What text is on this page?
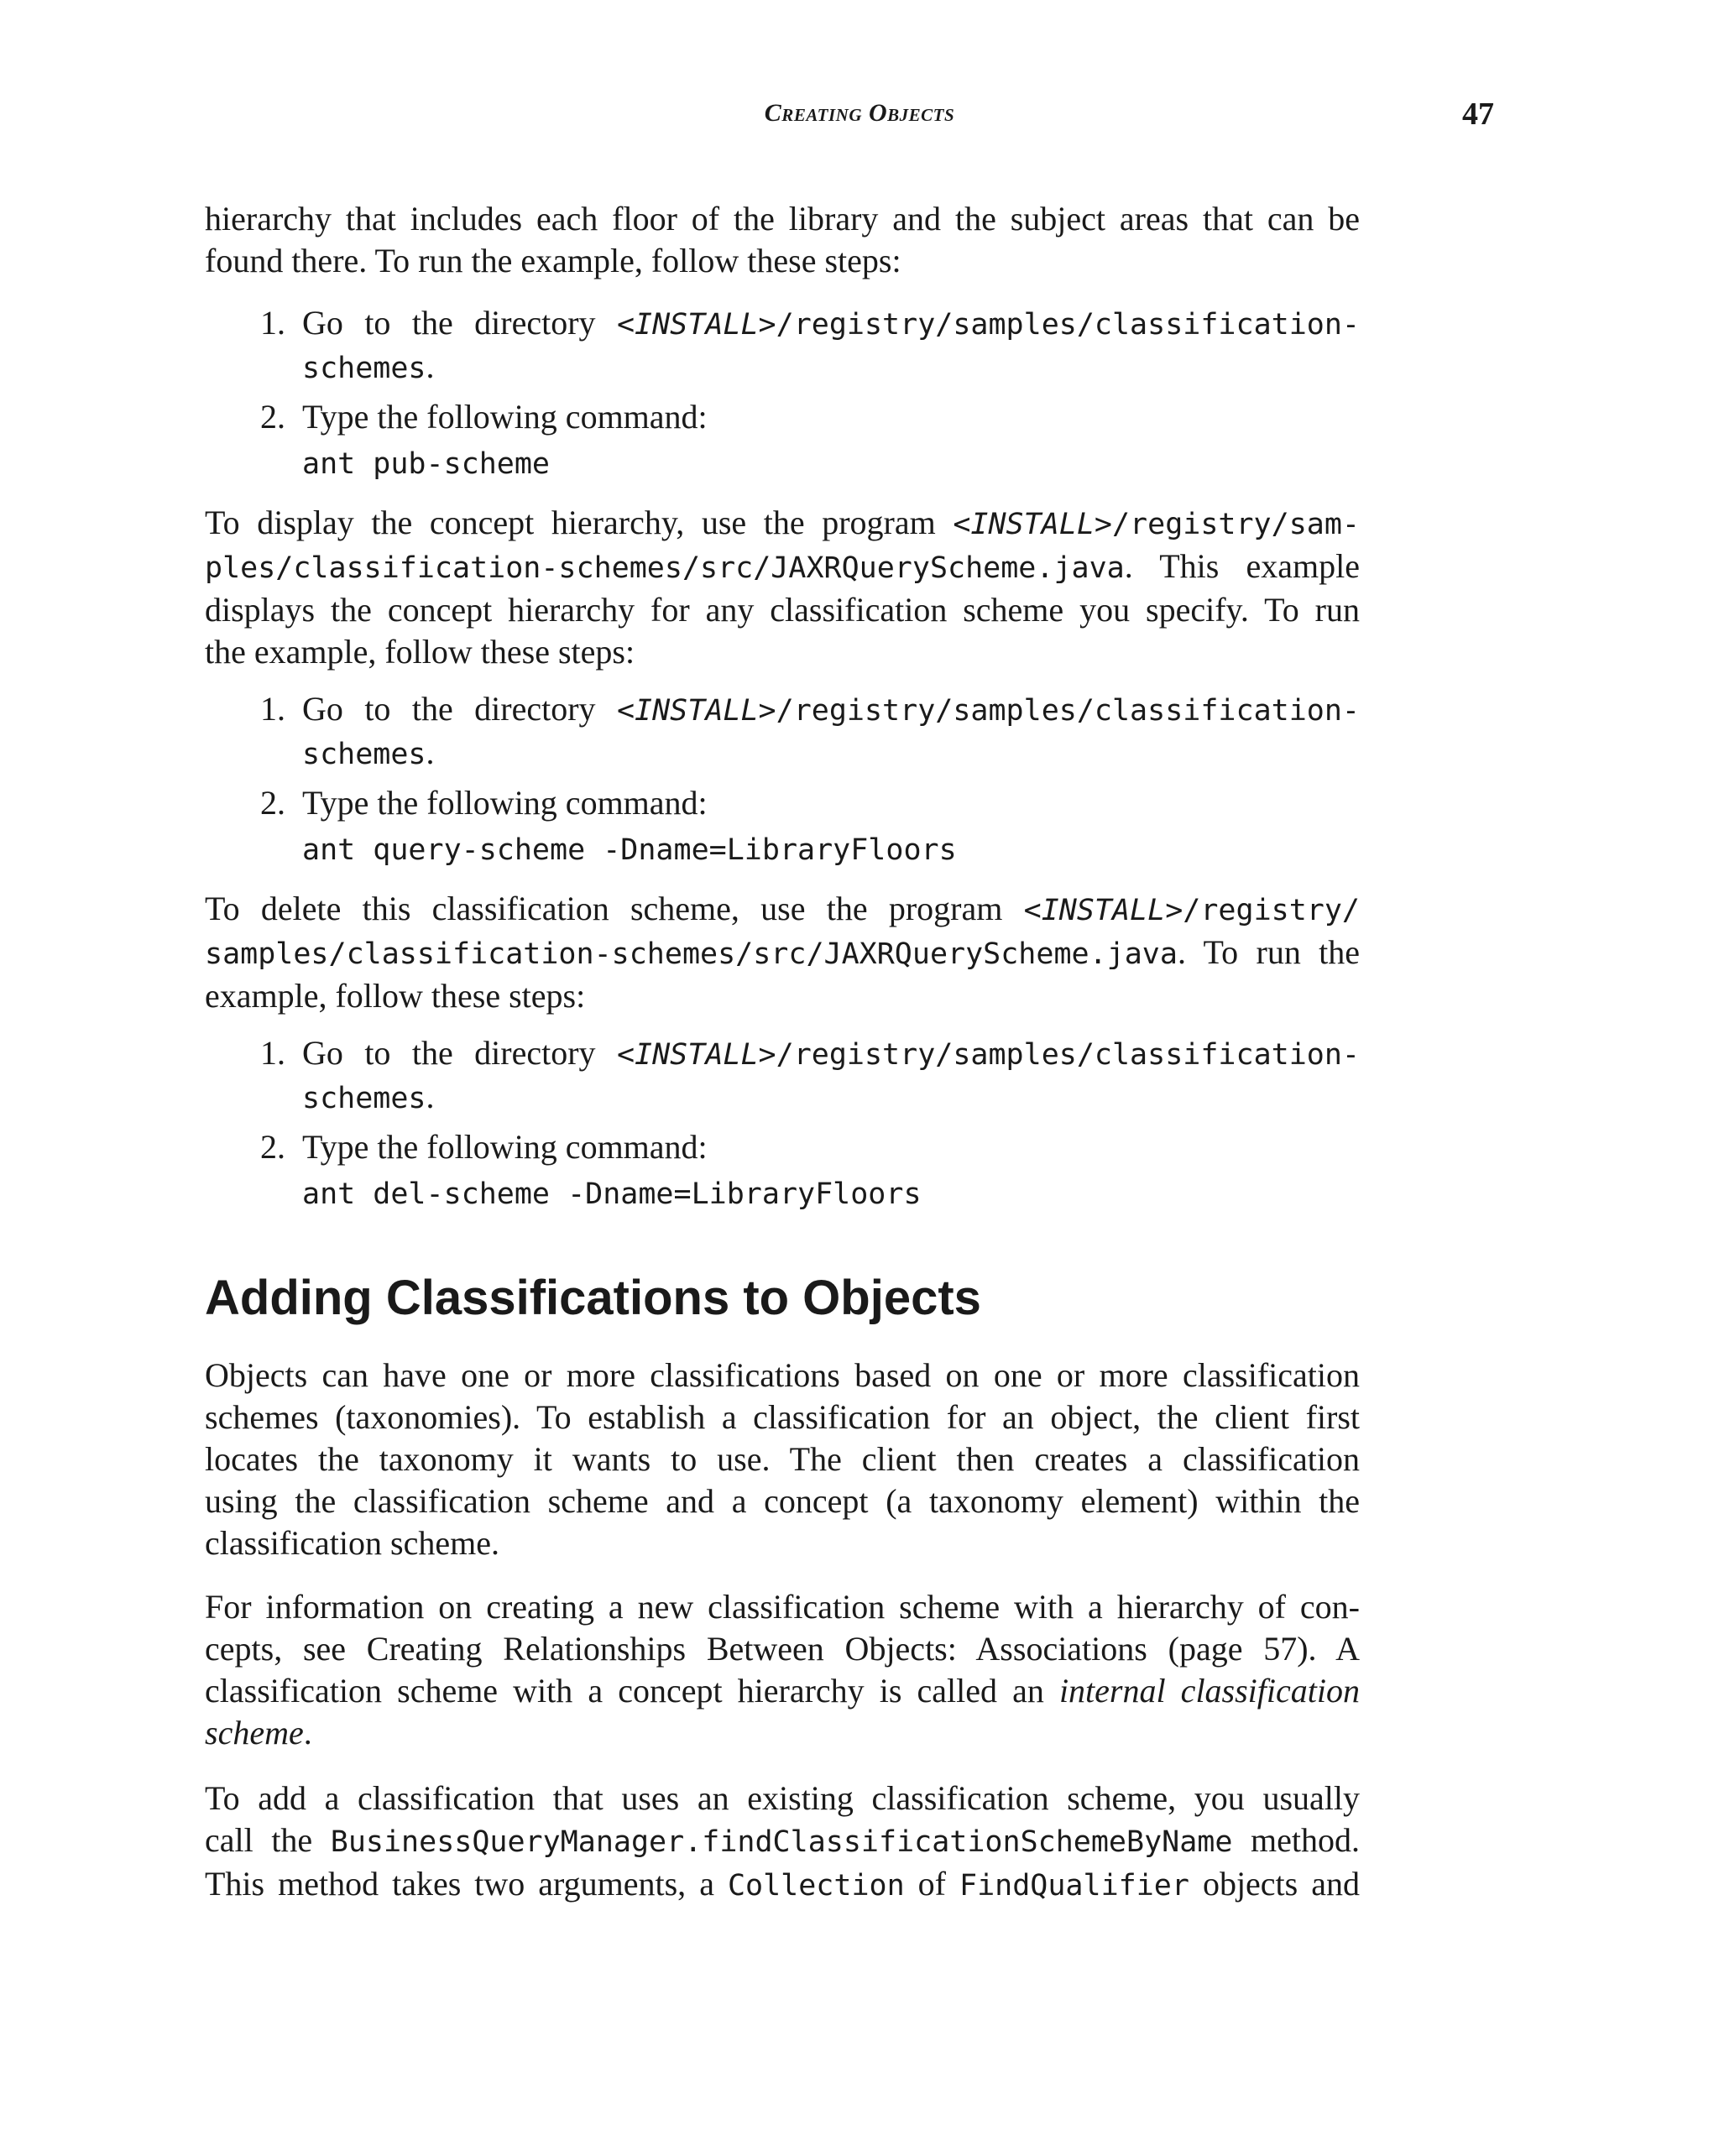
Creating Objects	47

hierarchy that includes each floor of the library and the subject areas that can be

found there. To run the example, follow these steps:

1. Go to the directory <INSTALL>/registry/samples/classification-

schemes.

2. Type the following command:

ant pub-scheme

To display the concept hierarchy, use the program <INSTALL>/registry/sam-

ples/classification-schemes/src/JAXRQueryScheme.java. This example

displays the concept hierarchy for any classification scheme you specify. To run

the example, follow these steps:

1. Go to the directory <INSTALL>/registry/samples/classification-

schemes.

2. Type the following command:

ant query-scheme -Dname=LibraryFloors

To delete this classification scheme, use the program <INSTALL>/registry/

samples/classification-schemes/src/JAXRQueryScheme.java. To run the

example, follow these steps:

1. Go to the directory <INSTALL>/registry/samples/classification-

schemes.

2. Type the following command:

ant del-scheme -Dname=LibraryFloors

Adding Classifications to Objects

Objects can have one or more classifications based on one or more classification

schemes (taxonomies). To establish a classification for an object, the client first

locates the taxonomy it wants to use. The client then creates a classification

using the classification scheme and a concept (a taxonomy element) within the

classification scheme.

For information on creating a new classification scheme with a hierarchy of con-

cepts, see Creating Relationships Between Objects: Associations (page 57). A

classification scheme with a concept hierarchy is called an internal classification

scheme.

To add a classification that uses an existing classification scheme, you usually

call the BusinessQueryManager.findClassificationSchemeByName method.

This method takes two arguments, a Collection of FindQualifier objects and
